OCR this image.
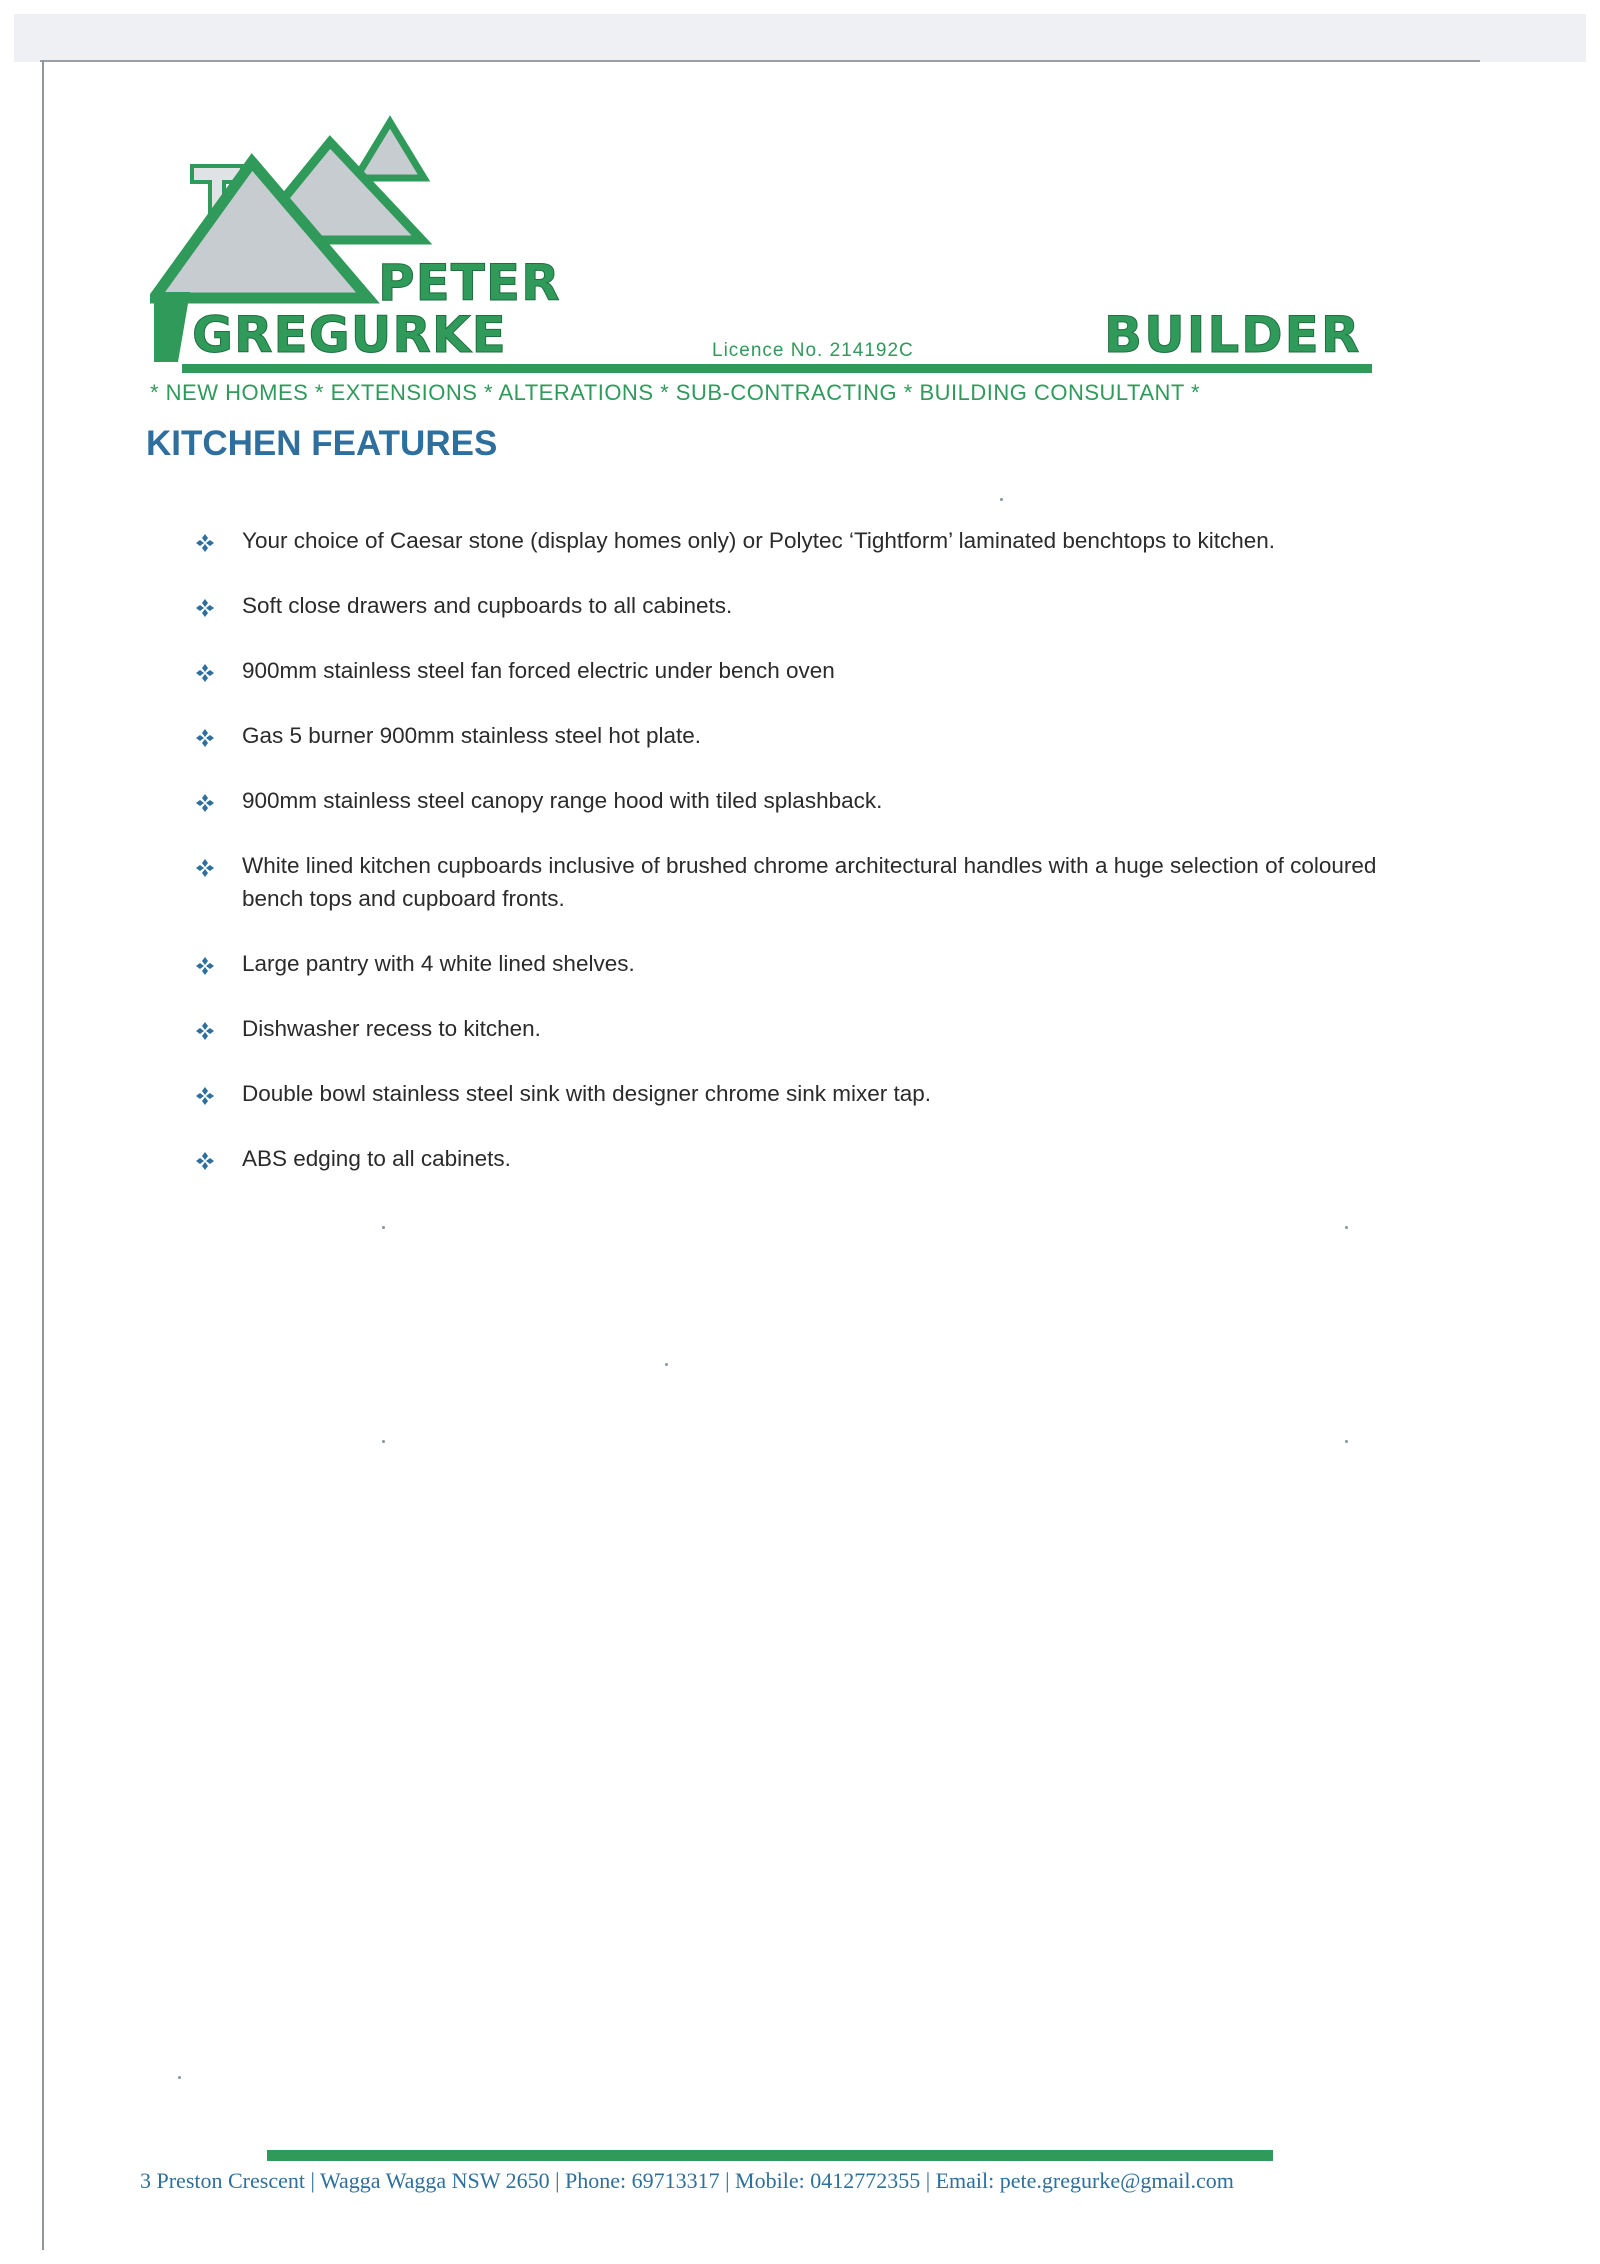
PETER

GREGURKE	Licence No. 214192C	BUILDER

* NEW HOMES * EXTENSIONS * ALTERATIONS * SUB-CONTRACTING * BUILDING CONSULTANT *

KITCHEN FEATURES
Your choice of Caesar stone (display homes only) or Polytec ‘Tightform’ laminated benchtops to kitchen.
Soft close drawers and cupboards to all cabinets.
900mm stainless steel fan forced electric under bench oven
Gas 5 burner 900mm stainless steel hot plate.
900mm stainless steel canopy range hood with tiled splashback.
White lined kitchen cupboards inclusive of brushed chrome architectural handles with a huge selection of coloured bench tops and cupboard fronts.
Large pantry with 4 white lined shelves.
Dishwasher recess to kitchen.
Double bowl stainless steel sink with designer chrome sink mixer tap.
ABS edging to all cabinets.

3 Preston Crescent | Wagga Wagga NSW 2650 | Phone: 69713317 | Mobile: 0412772355 | Email: pete.gregurke@gmail.com
